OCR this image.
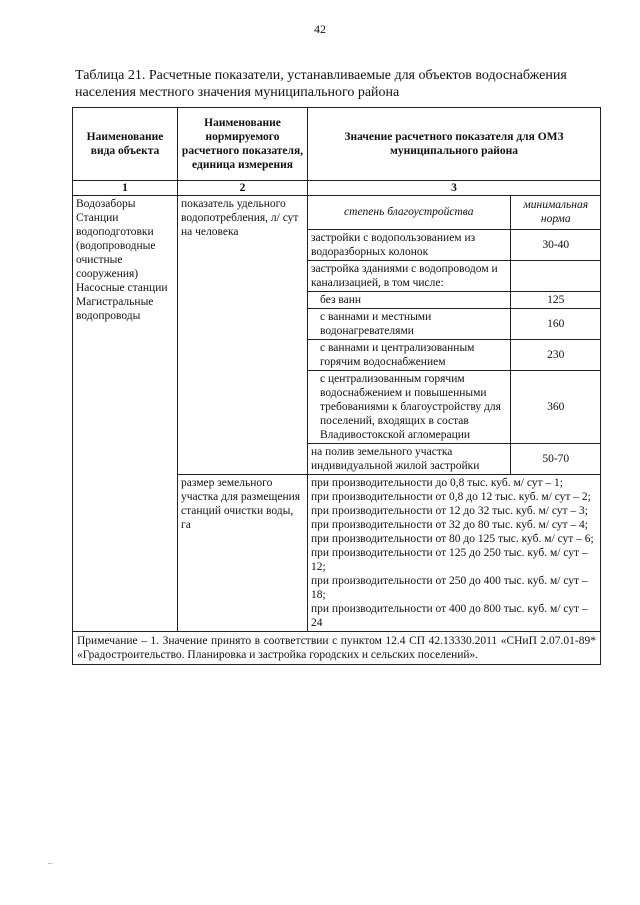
42
Таблица 21. Расчетные показатели, устанавливаемые для объектов водоснабжения населения местного значения муниципального района
Наименование вида объекта	Наименование нормируемого расчетного показателя, единица измерения	Значение расчетного показателя для ОМЗ муниципального района
1	2	3
Водозаборы Станции водоподготовки (водопроводные очистные сооружения) Насосные станции Магистральные водопроводы	показатель удельного водопотребления, л/ сут на человека	
степень благоустройства	минимальная норма
застройки с водопользованием из водоразборных колонок	30-40
застройка зданиями с водопроводом и канализацией, в том числе:	
без ванн	125
с ваннами и местными водонагревателями	160
с ваннами и централизованным горячим водоснабжением	230
с централизованным горячим водоснабжением и повышенными требованиями к благоустройству для поселений, входящих в состав Владивостокской агломерации	360
на полив земельного участка индивидуальной жилой застройки	50-70

размер земельного участка для размещения станций очистки воды, га	
при производительности до 0,8 тыс. куб. м/ сут – 1;
при производительности от 0,8 до 12 тыс. куб. м/ сут – 2;
при производительности от 12 до 32 тыс. куб. м/ сут – 3;
при производительности от 32 до 80 тыс. куб. м/ сут – 4;
при производительности от 80 до 125 тыс. куб. м/ сут – 6;
при производительности от 125 до 250 тыс. куб. м/ сут – 12;
при производительности от 250 до 400 тыс. куб. м/ сут – 18;
при производительности от 400 до 800 тыс. куб. м/ сут – 24

Примечание – 1. Значение принято в соответствии с пунктом 12.4 СП 42.13330.2011 «СНиП 2.07.01-89* «Градостроительство. Планировка и застройка городских и сельских поселений».
–
